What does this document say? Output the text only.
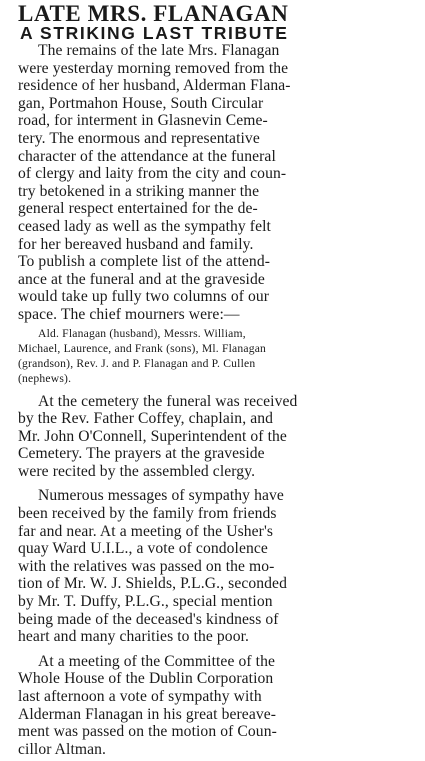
LATE MRS. FLANAGAN
A STRIKING LAST TRIBUTE
The remains of the late Mrs. Flanagan
were yesterday morning removed from the
residence of her husband, Alderman Flana-
gan, Portmahon House, South Circular
road, for interment in Glasnevin Ceme-
tery. The enormous and representative
character of the attendance at the funeral
of clergy and laity from the city and coun-
try betokened in a striking manner the
general respect entertained for the de-
ceased lady as well as the sympathy felt
for her bereaved husband and family.
To publish a complete list of the attend-
ance at the funeral and at the graveside
would take up fully two columns of our
space. The chief mourners were:—
Ald. Flanagan (husband), Messrs. William,
Michael, Laurence, and Frank (sons), Ml. Flanagan
(grandson), Rev. J. and P. Flanagan and P. Cullen
(nephews).
At the cemetery the funeral was received
by the Rev. Father Coffey, chaplain, and
Mr. John O'Connell, Superintendent of the
Cemetery. The prayers at the graveside
were recited by the assembled clergy.
Numerous messages of sympathy have
been received by the family from friends
far and near. At a meeting of the Usher's
quay Ward U.I.L., a vote of condolence
with the relatives was passed on the mo-
tion of Mr. W. J. Shields, P.L.G., seconded
by Mr. T. Duffy, P.L.G., special mention
being made of the deceased's kindness of
heart and many charities to the poor.
At a meeting of the Committee of the
Whole House of the Dublin Corporation
last afternoon a vote of sympathy with
Alderman Flanagan in his great bereave-
ment was passed on the motion of Coun-
cillor Altman.
